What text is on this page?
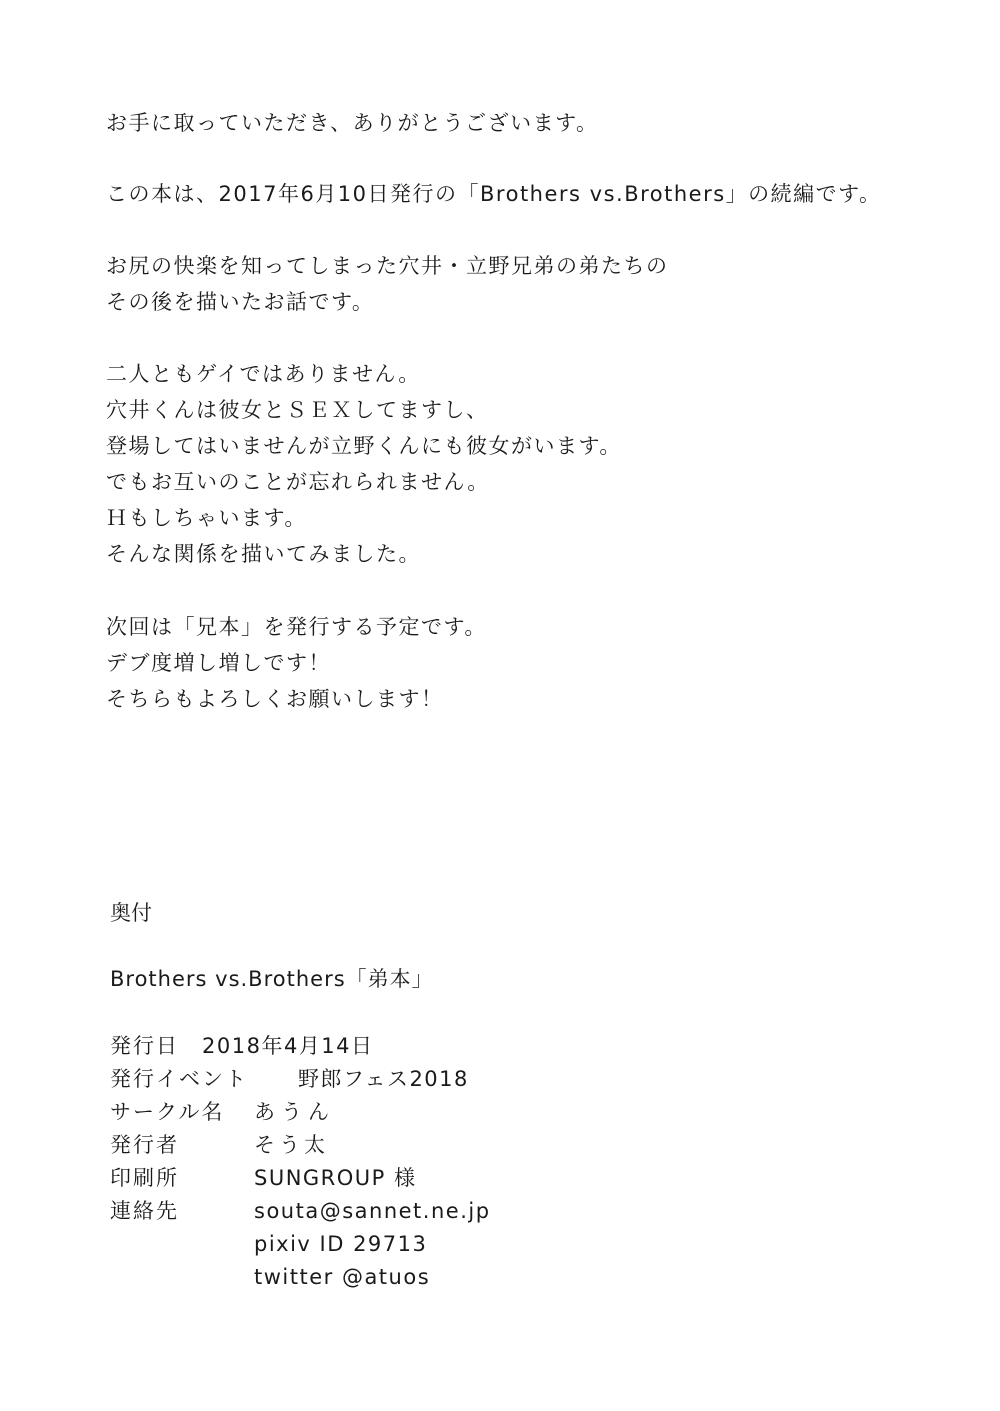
お手に取っていただき、ありがとうございます。
この本は、2017年6月10日発行の「Brothers vs.Brothers」の続編です。
お尻の快楽を知ってしまった穴井・立野兄弟の弟たちの
その後を描いたお話です。
二人ともゲイではありません。
穴井くんは彼女とＳＥＸしてますし、
登場してはいませんが立野くんにも彼女がいます。
でもお互いのことが忘れられません。
Ｈもしちゃいます。
そんな関係を描いてみました。
次回は「兄本」を発行する予定です。
デブ度増し増しです！
そちらもよろしくお願いします！
奥付
Brothers vs.Brothers「弟本」
発行日 2018年4月14日
発行イベント 野郎フェス2018
サークル名 あうん
発行者	そう太
印刷所	SUNGROUP 様
連絡先	souta@sannet.ne.jp
pixiv ID 29713
twitter @atuos
